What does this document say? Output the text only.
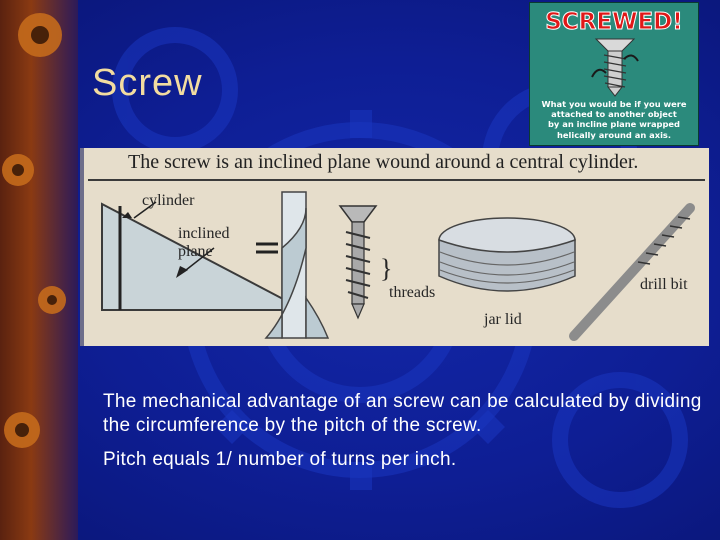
Screw
SCREWED!
What you would be if you were
attached to another object
by an incline plane wrapped
helically around an axis.
The screw is an inclined plane wound around a central cylinder.
cylinder
inclined
plane
}
threads
jar lid
drill bit

The mechanical advantage of an screw can be calculated by dividing the circumference by the pitch of the screw.

Pitch equals 1/ number of turns per inch.
